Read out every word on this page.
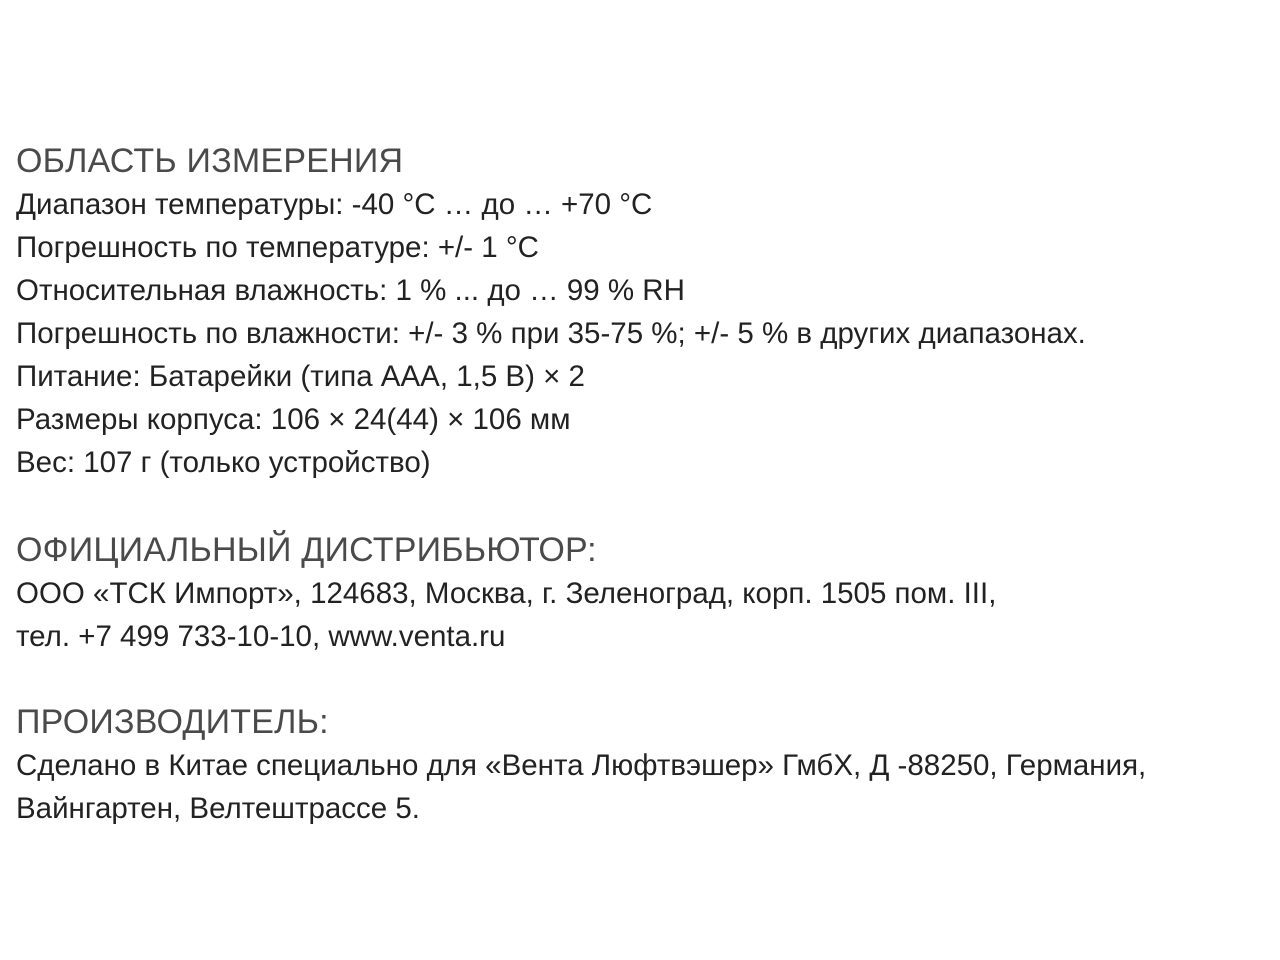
ОБЛАСТЬ ИЗМЕРЕНИЯ

Диапазон температуры: -40 °C … до … +70 °C

Погрешность по температуре: +/- 1 °C

Относительная влажность: 1 % ... до … 99 % RH

Погрешность по влажности: +/- 3 % при 35-75 %; +/- 5 % в других диапазонах.

Питание: Батарейки (типа AAA, 1,5 В) × 2

Размеры корпуса: 106 × 24(44) × 106 мм

Вес: 107 г (только устройство)

ОФИЦИАЛЬНЫЙ ДИСТРИБЬЮТОР:

ООО «ТСК Импорт», 124683, Москва, г. Зеленоград, корп. 1505 пом. III,

тел. +7 499 733-10-10, www.venta.ru

ПРОИЗВОДИТЕЛЬ:

Сделано в Китае специально для «Вента Люфтвэшер» ГмбХ, Д -88250, Германия,

Вайнгартен, Велтештрассе 5.
